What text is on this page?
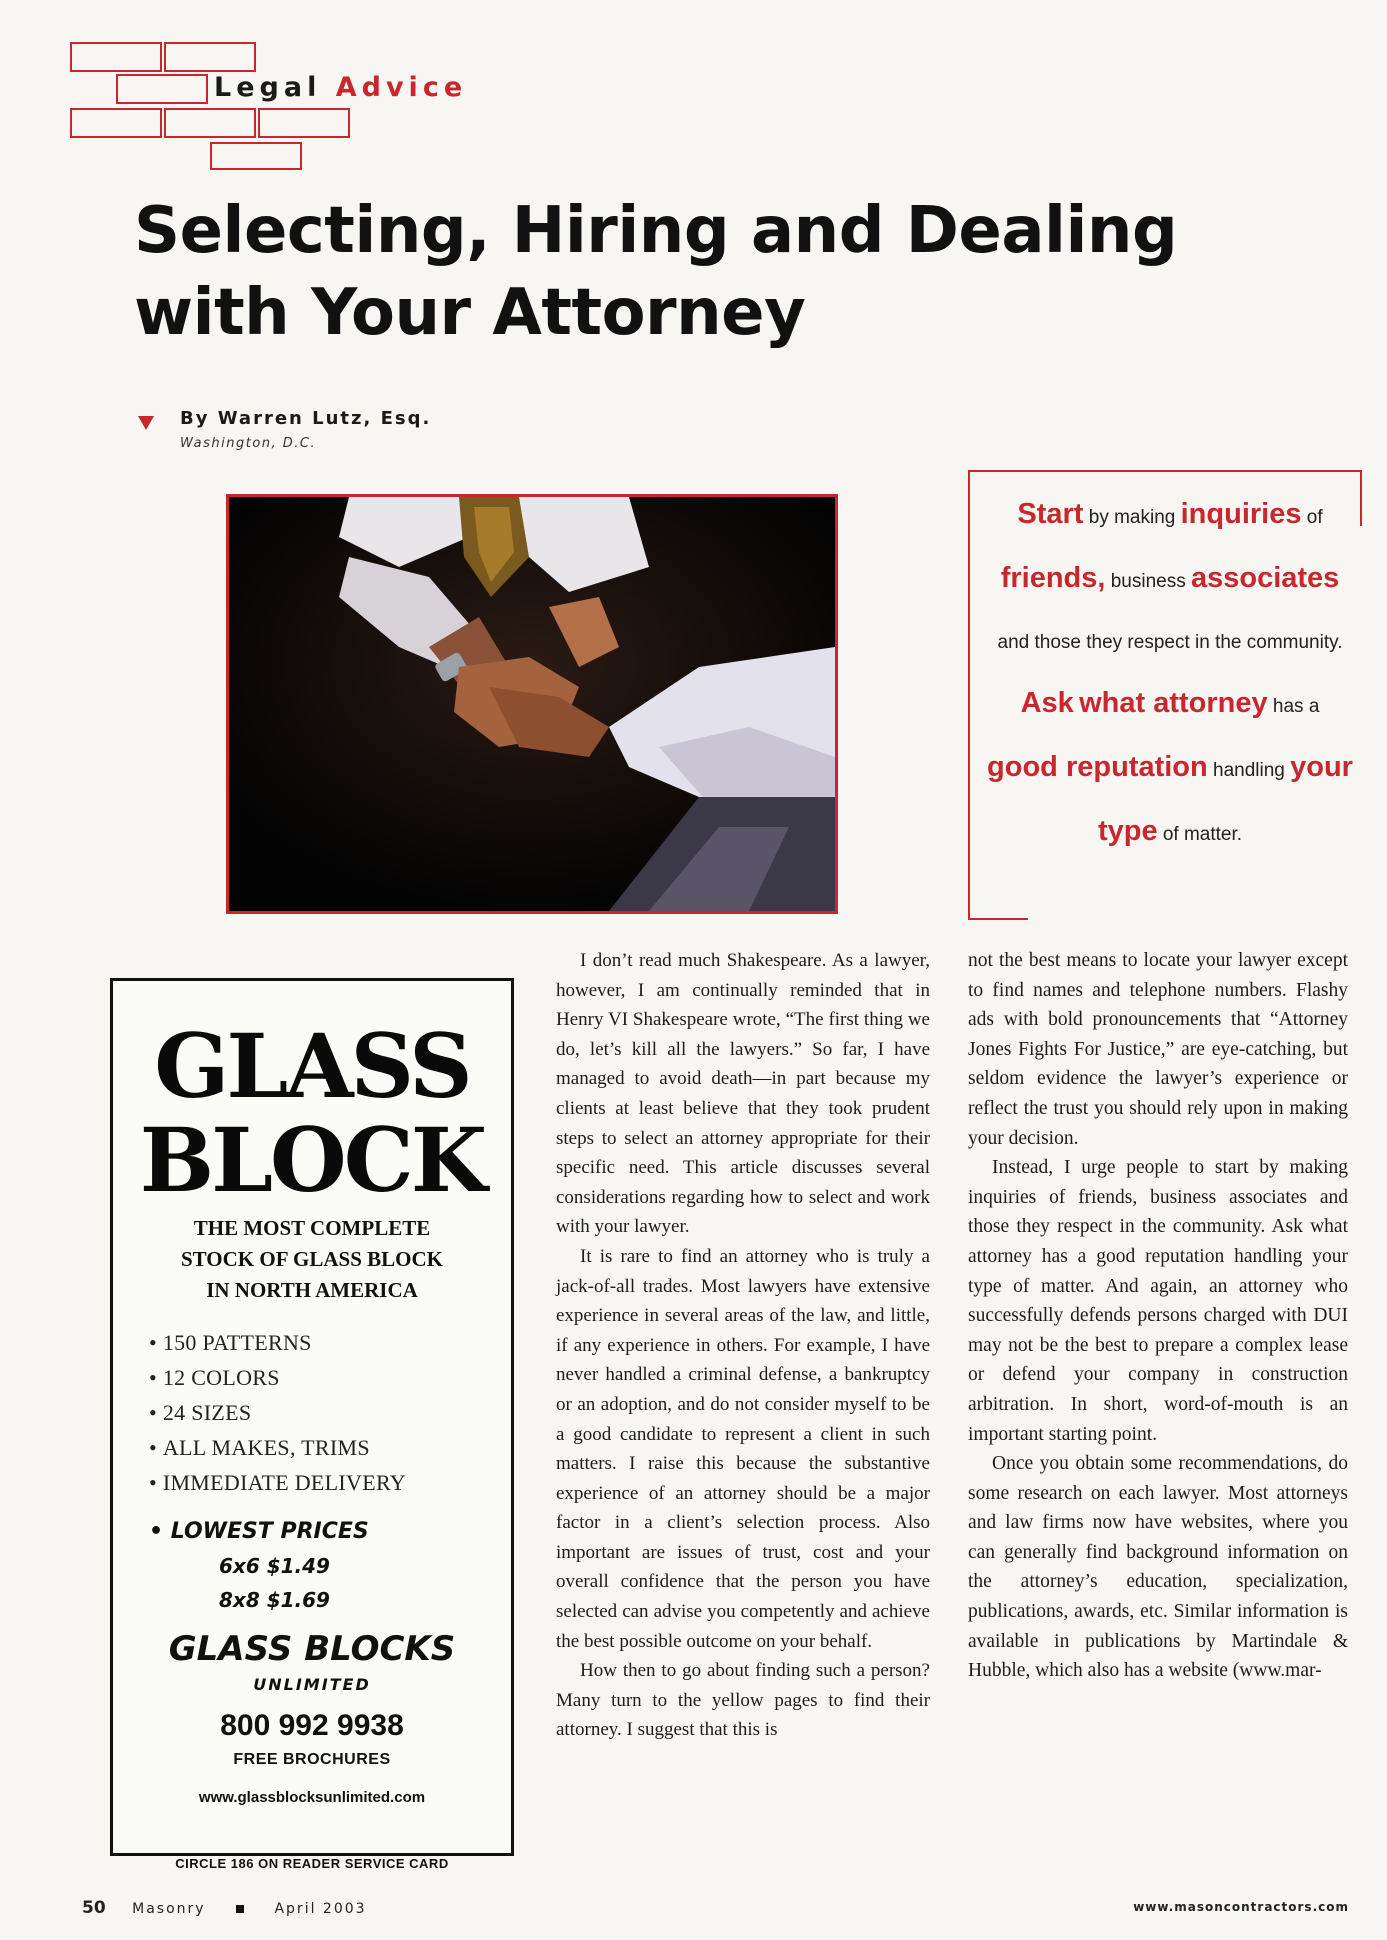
Legal Advice
Selecting, Hiring and Dealing with Your Attorney
By Warren Lutz, Esq.
Washington, D.C.
Start by making inquiries of friends, business associates and those they respect in the community. Ask what attorney has a good reputation handling your type of matter.
GLASS
BLOCK
THE MOST COMPLETE
STOCK OF GLASS BLOCK
IN NORTH AMERICA
• 150 PATTERNS
• 12 COLORS
• 24 SIZES
• ALL MAKES, TRIMS
• IMMEDIATE DELIVERY
• LOWEST PRICES
6x6 $1.49
8x8 $1.69
GLASS BLOCKS
UNLIMITED
800 992 9938
FREE BROCHURES
www.glassblocksunlimited.com
CIRCLE 186 ON READER SERVICE CARD

I don’t read much Shakespeare. As a lawyer, however, I am continually reminded that in Henry VI Shakespeare wrote, “The first thing we do, let’s kill all the lawyers.” So far, I have managed to avoid death—in part because my clients at least believe that they took prudent steps to select an attorney appropriate for their specific need. This article discusses several considerations regarding how to select and work with your lawyer.

It is rare to find an attorney who is truly a jack-of-all trades. Most lawyers have extensive experience in several areas of the law, and little, if any experience in others. For example, I have never handled a criminal defense, a bankruptcy or an adoption, and do not consider myself to be a good candidate to represent a client in such matters. I raise this because the substantive experience of an attorney should be a major factor in a client’s selection process. Also important are issues of trust, cost and your overall confidence that the person you have selected can advise you competently and achieve the best possible outcome on your behalf.

How then to go about finding such a person? Many turn to the yellow pages to find their attorney. I suggest that this is

not the best means to locate your lawyer except to find names and telephone numbers. Flashy ads with bold pronouncements that “Attorney Jones Fights For Justice,” are eye-catching, but seldom evidence the lawyer’s experience or reflect the trust you should rely upon in making your decision.

Instead, I urge people to start by making inquiries of friends, business associates and those they respect in the community. Ask what attorney has a good reputation handling your type of matter. And again, an attorney who successfully defends persons charged with DUI may not be the best to prepare a complex lease or defend your company in construction arbitration. In short, word-of-mouth is an important starting point.

Once you obtain some recommendations, do some research on each lawyer. Most attorneys and law firms now have websites, where you can generally find background information on the attorney’s education, specialization, publications, awards, etc. Similar information is available in publications by Martindale & Hubble, which also has a website (www.mar-

50 Masonry	April 2003	www.masoncontractors.com
